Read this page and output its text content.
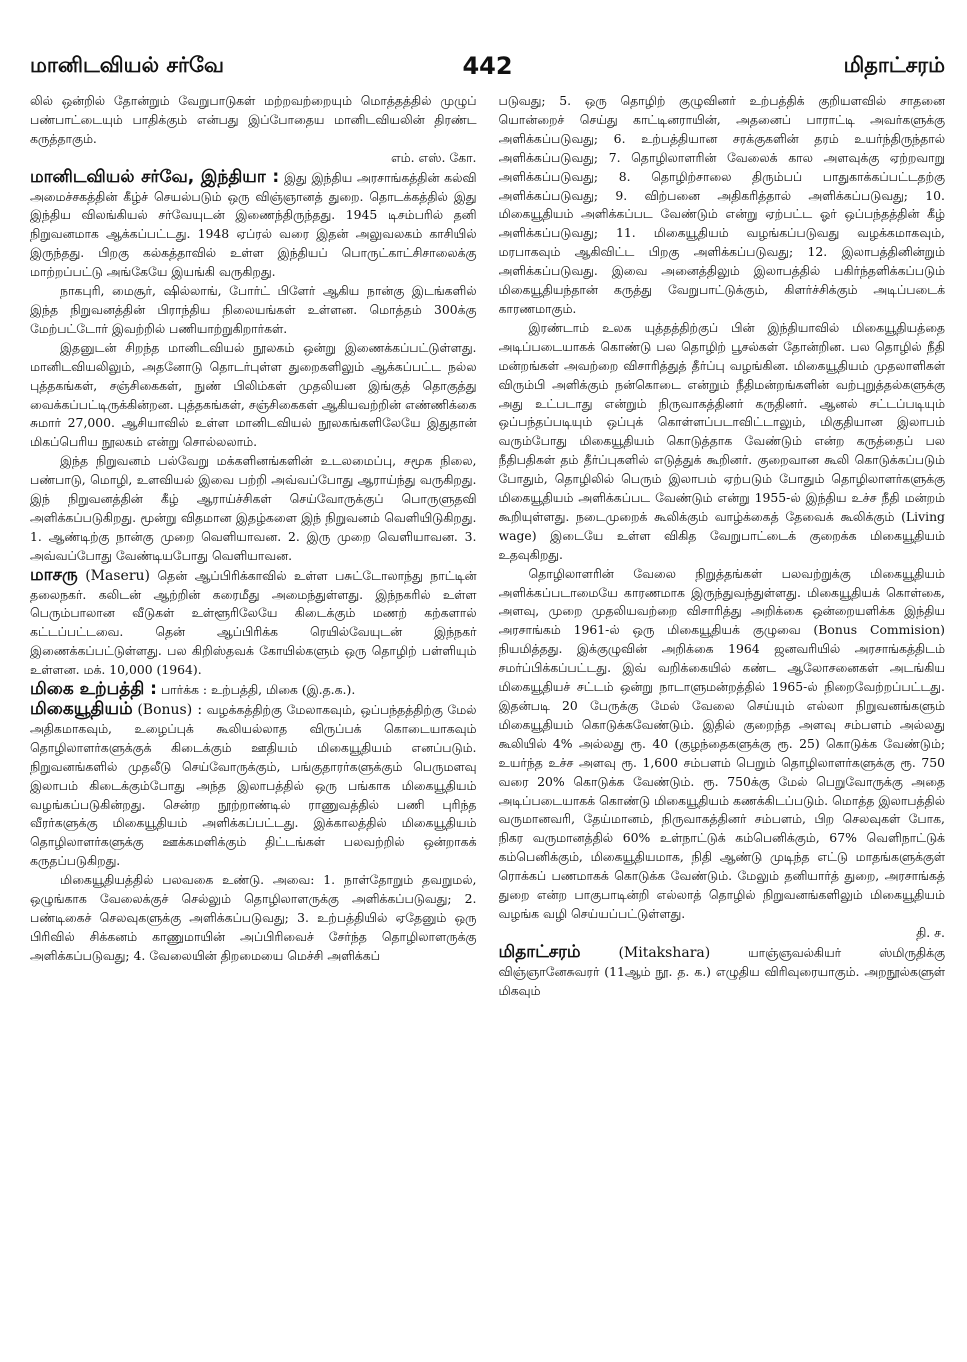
மானிடவியல் சர்வே	442	மிதாட்சரம்

லில் ஒன்றில் தோன்றும் வேறுபாடுகள் மற்றவற்றையும் மொத்தத்தில் முழுப் பண்பாட்டையும் பாதிக்கும் என்பது இப்போதைய மானிடவியலின் திரண்ட கருத்தாகும்.

எம். எஸ். கோ.

மானிடவியல் சர்வே, இந்தியா : இது இந்திய அரசாங்கத்தின் கல்வி அமைச்சகத்தின் கீழ்ச் செயல்படும் ஒரு விஞ்ஞானத் துறை. தொடக்கத்தில் இது இந்திய விலங்கியல் சர்வேயுடன் இணைந்திருந்தது. 1945 டிசம்பரில் தனி நிறுவனமாக ஆக்கப்பட்டது. 1948 ஏப்ரல் வரை இதன் அலுவலகம் காசியில் இருந்தது. பிறகு கல்கத்தாவில் உள்ள இந்தியப் பொருட்காட்சிசாலைக்கு மாற்றப்பட்டு அங்கேயே இயங்கி வருகிறது.

நாகபுரி, மைசூர், ஷில்லாங், போர்ட் பிளேர் ஆகிய நான்கு இடங்களில் இந்த நிறுவனத்தின் பிராந்திய நிலையங்கள் உள்ளன. மொத்தம் 300க்கு மேற்பட்டோர் இவற்றில் பணியாற்றுகிறார்கள்.

இதனுடன் சிறந்த மானிடவியல் நூலகம் ஒன்று இணைக்கப்பட்டுள்ளது. மானிடவியலிலும், அதனோடு தொடர்புள்ள துறைகளிலும் ஆக்கப்பட்ட நல்ல புத்தகங்கள், சஞ்சிகைகள், நுண் பிலிம்கள் முதலியன இங்குத் தொகுத்து வைக்கப்பட்டிருக்கின்றன. புத்தகங்கள், சஞ்சிகைகள் ஆகியவற்றின் எண்ணிக்கை சுமார் 27,000. ஆசியாவில் உள்ள மானிடவியல் நூலகங்களிலேயே இதுதான் மிகப்பெரிய நூலகம் என்று சொல்லலாம்.

இந்த நிறுவனம் பல்வேறு மக்களினங்களின் உடலமைப்பு, சமூக நிலை, பண்பாடு, மொழி, உளவியல் இவை பற்றி அவ்வப்போது ஆராய்ந்து வருகிறது. இந் நிறுவனத்தின் கீழ் ஆராய்ச்சிகள் செய்வோருக்குப் பொருளுதவி அளிக்கப்படுகிறது. மூன்று விதமான இதழ்களை இந் நிறுவனம் வெளியிடுகிறது. 1. ஆண்டிற்கு நான்கு முறை வெளியாவன. 2. இரு முறை வெளியாவன. 3. அவ்வப்போது வேண்டியபோது வெளியாவன.

மாசரு (Maseru) தென் ஆப்பிரிக்காவில் உள்ள பசுட்டோலாந்து நாட்டின் தலைநகர். கலிடன் ஆற்றின் கரைமீது அமைந்துள்ளது. இந்நகரில் உள்ள பெரும்பாலான வீடுகள் உள்ளூரிலேயே கிடைக்கும் மணற் கற்களால் கட்டப்பட்டவை. தென் ஆப்பிரிக்க ரெயில்வேயுடன் இந்நகர் இணைக்கப்பட்டுள்ளது. பல கிறிஸ்தவக் கோயில்களும் ஒரு தொழிற் பள்ளியும் உள்ளன. மக். 10,000 (1964).

மிகை உற்பத்தி : பார்க்க : உற்பத்தி, மிகை (இ.த.க.).

மிகையூதியம் (Bonus) : வழக்கத்திற்கு மேலாகவும், ஒப்பந்தத்திற்கு மேல் அதிகமாகவும், உழைப்புக் கூலியல்லாத விருப்பக் கொடையாகவும் தொழிலாளர்களுக்குக் கிடைக்கும் ஊதியம் மிகையூதியம் எனப்படும். நிறுவனங்களில் முதலீடு செய்வோருக்கும், பங்குதாரர்களுக்கும் பெருமளவு இலாபம் கிடைக்கும்போது அந்த இலாபத்தில் ஒரு பங்காக மிகையூதியம் வழங்கப்படுகின்றது. சென்ற நூற்றாண்டில் ராணுவத்தில் பணி புரிந்த வீரர்களுக்கு மிகையூதியம் அளிக்கப்பட்டது. இக்காலத்தில் மிகையூதியம் தொழிலாளர்களுக்கு ஊக்கமளிக்கும் திட்டங்கள் பலவற்றில் ஒன்றாகக் கருதப்படுகிறது.

மிகையூதியத்தில் பலவகை உண்டு. அவை: 1. நாள்தோறும் தவறுமல், ஒழுங்காக வேலைக்குச் செல்லும் தொழிலாளருக்கு அளிக்கப்படுவது; 2. பண்டிகைச் செலவுகளுக்கு அளிக்கப்படுவது; 3. உற்பத்தியில் ஏதேனும் ஒரு பிரிவில் சிக்கனம் காணுமாயின் அப்பிரிவைச் சேர்ந்த தொழிலாளருக்கு அளிக்கப்படுவது; 4. வேலையின் திறமையை மெச்சி அளிக்கப்

படுவது; 5. ஒரு தொழிற் குழுவினர் உற்பத்திக் குறியளவில் சாதனை யொன்றைச் செய்து காட்டினராயின், அதனைப் பாராட்டி அவர்களுக்கு அளிக்கப்படுவது; 6. உற்பத்தியான சரக்குகளின் தரம் உயர்ந்திருந்தால் அளிக்கப்படுவது; 7. தொழிலாளரின் வேலைக் கால அளவுக்கு ஏற்றவாறு அளிக்கப்படுவது; 8. தொழிற்சாலை திரும்பப் பாதுகாக்கப்பட்டதற்கு அளிக்கப்படுவது; 9. விற்பனை அதிகரித்தால் அளிக்கப்படுவது; 10. மிகையூதியம் அளிக்கப்பட வேண்டும் என்று ஏற்பட்ட ஓர் ஒப்பந்தத்தின் கீழ் அளிக்கப்படுவது; 11. மிகையூதியம் வழங்கப்படுவது வழக்கமாகவும், மரபாகவும் ஆகிவிட்ட பிறகு அளிக்கப்படுவது; 12. இலாபத்தினின்றும் அளிக்கப்படுவது. இவை அனைத்திலும் இலாபத்தில் பகிர்ந்தளிக்கப்படும் மிகையூதியந்தான் கருத்து வேறுபாட்டுக்கும், கிளர்ச்சிக்கும் அடிப்படைக் காரணமாகும்.

இரண்டாம் உலக யுத்தத்திற்குப் பின் இந்தியாவில் மிகையூதியத்தை அடிப்படையாகக் கொண்டு பல தொழிற் பூசல்கள் தோன்றின. பல தொழில் நீதி மன்றங்கள் அவற்றை விசாரித்துத் தீர்ப்பு வழங்கின. மிகையூதியம் முதலாளிகள் விரும்பி அளிக்கும் நன்கொடை என்றும் நீதிமன்றங்களின் வற்புறுத்தல்களுக்கு அது உட்படாது என்றும் நிருவாகத்தினர் கருதினர். ஆனல் சட்டப்படியும் ஒப்பந்தப்படியும் ஒப்புக் கொள்ளப்படாவிட்டாலும், மிகுதியான இலாபம் வரும்போது மிகையூதியம் கொடுத்தாக வேண்டும் என்ற கருத்தைப் பல நீதிபதிகள் தம் தீர்ப்புகளில் எடுத்துக் கூறினர். குறைவான கூலி கொடுக்கப்படும் போதும், தொழிலில் பெரும் இலாபம் ஏற்படும் போதும் தொழிலாளர்களுக்கு மிகையூதியம் அளிக்கப்பட வேண்டும் என்று 1955-ல் இந்திய உச்ச நீதி மன்றம் கூறியுள்ளது. நடைமுறைக் கூலிக்கும் வாழ்க்கைத் தேவைக் கூலிக்கும் (Living wage) இடையே உள்ள விகித வேறுபாட்டைக் குறைக்க மிகையூதியம் உதவுகிறது.

தொழிலாளரின் வேலை நிறுத்தங்கள் பலவற்றுக்கு மிகையூதியம் அளிக்கப்படாமையே காரணமாக இருந்துவந்துள்ளது. மிகையூதியக் கொள்கை, அளவு, முறை முதலியவற்றை விசாரித்து அறிக்கை ஒன்றையளிக்க இந்திய அரசாங்கம் 1961-ல் ஒரு மிகையூதியக் குழுவை (Bonus Commision) நியமித்தது. இக்குழுவின் அறிக்கை 1964 ஜனவரியில் அரசாங்கத்திடம் சமர்ப்பிக்கப்பட்டது. இவ் வறிக்கையில் கண்ட ஆலோசனைகள் அடங்கிய மிகையூதியச் சட்டம் ஒன்று நாடாளுமன்றத்தில் 1965-ல் நிறைவேற்றப்பட்டது. இதன்படி 20 பேருக்கு மேல் வேலை செய்யும் எல்லா நிறுவனங்களும் மிகையூதியம் கொடுக்கவேண்டும். இதில் குறைந்த அளவு சம்பளம் அல்லது கூலியில் 4% அல்லது ரூ. 40 (குழந்தைகளுக்கு ரூ. 25) கொடுக்க வேண்டும்; உயர்ந்த உச்ச அளவு ரூ. 1,600 சம்பளம் பெறும் தொழிலாளர்களுக்கு ரூ. 750 வரை 20% கொடுக்க வேண்டும். ரூ. 750க்கு மேல் பெறுவோருக்கு அதை அடிப்படையாகக் கொண்டு மிகையூதியம் கணக்கிடப்படும். மொத்த இலாபத்தில் வருமானவரி, தேய்மானம், நிருவாகத்தினர் சம்பளம், பிற செலவுகள் போக, நிகர வருமானத்தில் 60% உள்நாட்டுக் கம்பெனிக்கும், 67% வெளிநாட்டுக் கம்பெனிக்கும், மிகையூதியமாக, நிதி ஆண்டு முடிந்த எட்டு மாதங்களுக்குள் ரொக்கப் பணமாகக் கொடுக்க வேண்டும். மேலும் தனியார்த் துறை, அரசாங்கத் துறை என்ற பாகுபாடின்றி எல்லாத் தொழில் நிறுவனங்களிலும் மிகையூதியம் வழங்க வழி செய்யப்பட்டுள்ளது.

தி. ச.

மிதாட்சரம்	(Mitakshara)	யாஞ்ஞவல்கியர் ஸ்மிருதிக்கு விஞ்ஞானேசுவரர் (11ஆம் நூ. த. க.) எழுதிய விரிவுரையாகும். அறநூல்களுள் மிகவும்
